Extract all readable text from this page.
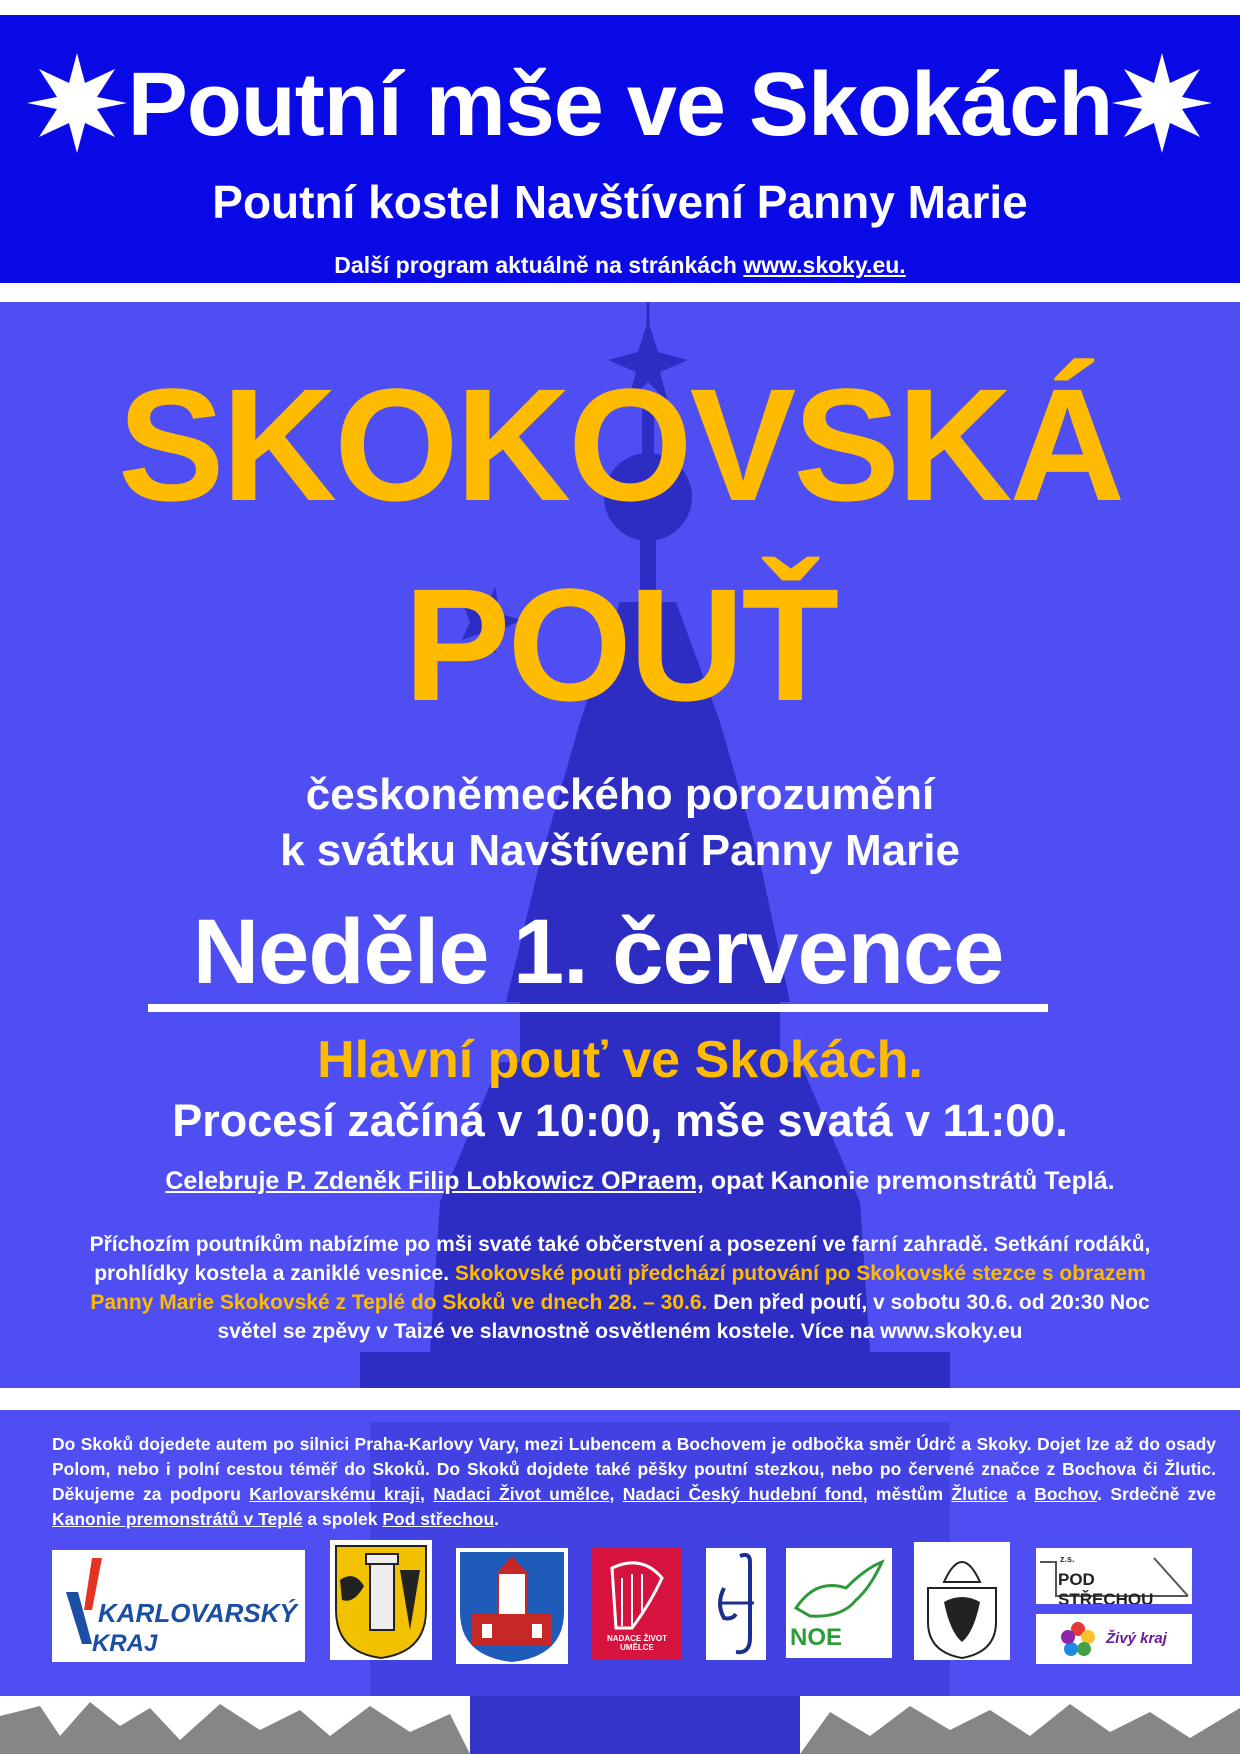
Poutní mše ve Skokách
Poutní kostel Navštívení Panny Marie
Další program aktuálně na stránkách www.skoky.eu.
SKOKOVSKÁ
POUŤ
českoněmeckého porozumění
k svátku Navštívení Panny Marie
Neděle 1. července
Hlavní pouť ve Skokách.
Procesí začíná v 10:00, mše svatá v 11:00.
Celebruje P. Zdeněk Filip Lobkowicz OPraem, opat Kanonie premonstrátů Teplá.
Příchozím poutníkům nabízíme po mši svaté také občerstvení a posezení ve farní zahradě. Setkání rodáků, prohlídky kostela a zaniklé vesnice. Skokovské pouti předchází putování po Skokovské stezce s obrazem Panny Marie Skokovské z Teplé do Skoků ve dnech 28. – 30.6. Den před poutí, v sobotu 30.6. od 20:30 Noc světel se zpěvy v Taizé ve slavnostně osvětleném kostele. Více na www.skoky.eu
Do Skoků dojedete autem po silnici Praha-Karlovy Vary, mezi Lubencem a Bochovem je odbočka směr Údrč a Skoky. Dojet lze až do osady Polom, nebo i polní cestou téměř do Skoků. Do Skoků dojdete také pěšky poutní stezkou, nebo po červené značce z Bochova či Žlutic. Děkujeme za podporu Karlovarskému kraji, Nadaci Život umělce, Nadaci Český hudební fond, městům Žlutice a Bochov. Srdečně zve Kanonie premonstrátů v Teplé a spolek Pod střechou.
KARLOVARSKÝ
KRAJ	NADACE ŽIVOT UMĚLCE	NOE
z.s.
POD STŘECHOU
Živý kraj
